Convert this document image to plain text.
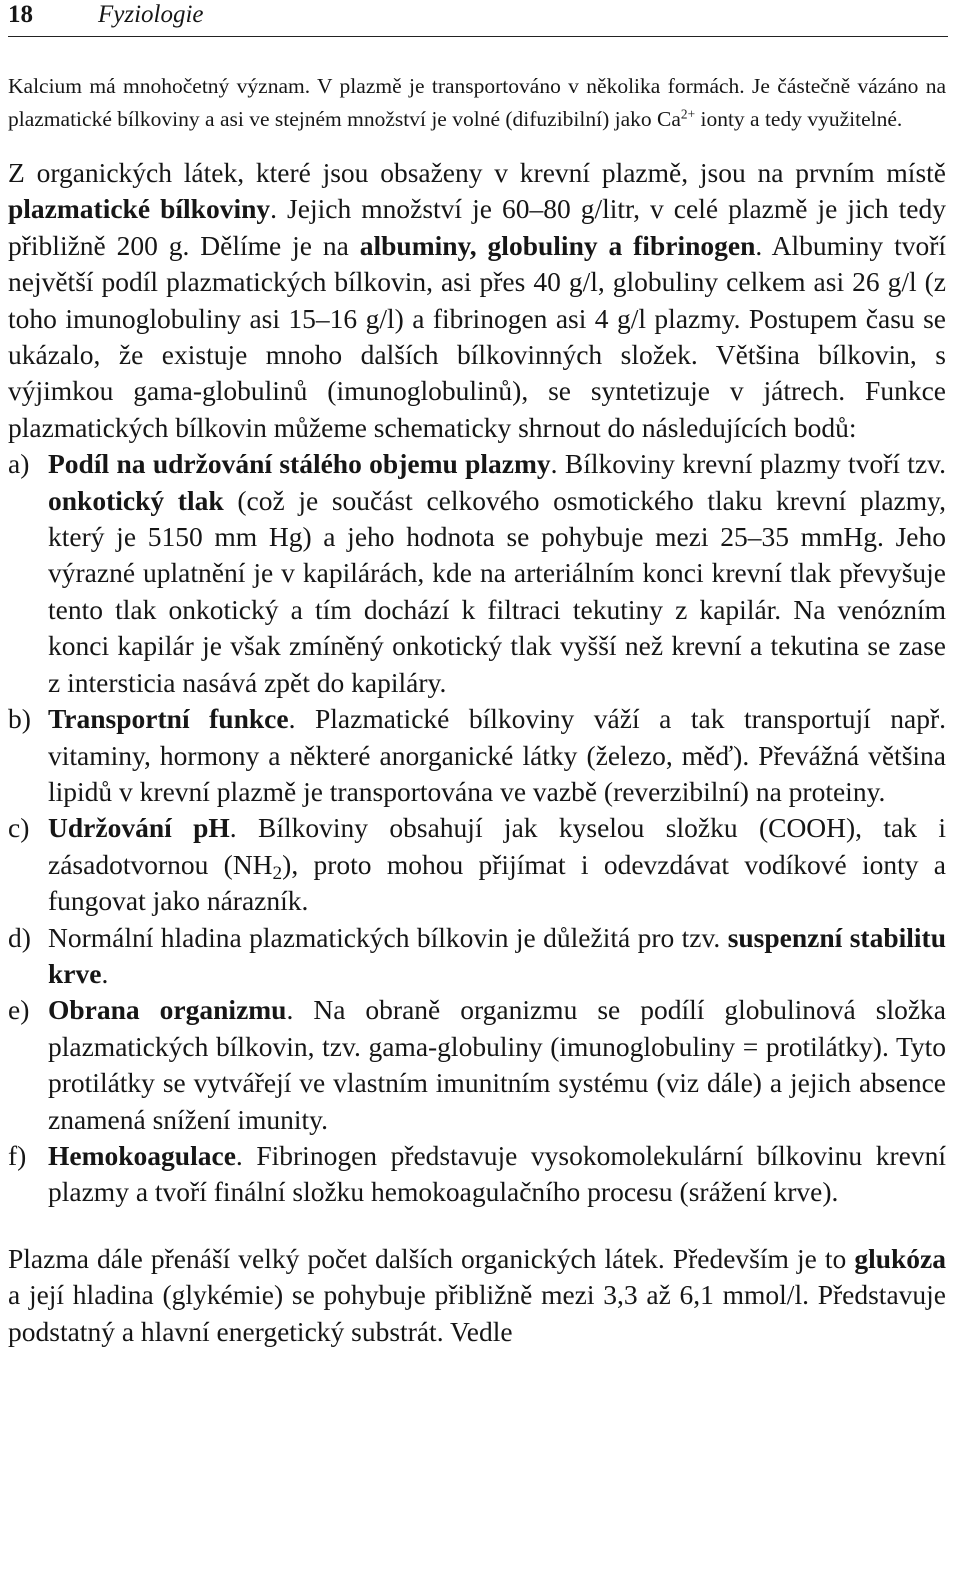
18	Fyziologie

Kalcium má mnohočetný význam. V plazmě je transportováno v několika formách. Je částečně vázáno na plazmatické bílkoviny a asi ve stejném množství je volné (difuzibilní) jako $Ca^{2+}$ ionty a tedy využitelné.

Z organických látek, které jsou obsaženy v krevní plazmě, jsou na prvním místě plazmatické bílkoviny. Jejich množství je 60–80 g/litr, v celé plazmě je jich tedy přibližně 200 g. Dělíme je na albuminy, globuliny a fibrinogen. Albuminy tvoří největší podíl plazmatických bílkovin, asi přes 40 g/l, globuliny celkem asi 26 g/l (z toho imunoglobuliny asi 15–16 g/l) a fibrinogen asi 4 g/l plazmy. Postupem času se ukázalo, že existuje mnoho dalších bílkovinných složek. Většina bílkovin, s výjimkou gama-globulinů (imunoglobulinů), se syntetizuje v játrech. Funkce plazmatických bílkovin můžeme schematicky shrnout do následujících bodů:

a) Podíl na udržování stálého objemu plazmy. Bílkoviny krevní plazmy tvoří tzv. onkotický tlak (což je součást celkového osmotického tlaku krevní plazmy, který je 5150 mm Hg) a jeho hodnota se pohybuje mezi 25–35 mmHg. Jeho výrazné uplatnění je v kapilárách, kde na arteriálním konci krevní tlak převyšuje tento tlak onkotický a tím dochází k filtraci tekutiny z kapilár. Na venózním konci kapilár je však zmíněný onkotický tlak vyšší než krevní a tekutina se zase z intersticia nasává zpět do kapiláry.
b) Transportní funkce. Plazmatické bílkoviny váží a tak transportují např. vitaminy, hormony a některé anorganické látky (železo, měď). Převážná většina lipidů v krevní plazmě je transportována ve vazbě (reverzibilní) na proteiny.
c) Udržování pH. Bílkoviny obsahují jak kyselou složku (COOH), tak i zásadotvornou $(NH_2)$, proto mohou přijímat i odevzdávat vodíkové ionty a fungovat jako nárazník.
d) Normální hladina plazmatických bílkovin je důležitá pro tzv. suspenzní stabilitu krve.
e) Obrana organizmu. Na obraně organizmu se podílí globulinová složka plazmatických bílkovin, tzv. gama-globuliny (imunoglobuliny = protilátky). Tyto protilátky se vytvářejí ve vlastním imunitním systému (viz dále) a jejich absence znamená snížení imunity.
f) Hemokoagulace. Fibrinogen představuje vysokomolekulární bílkovinu krevní plazmy a tvoří finální složku hemokoagulačního procesu (srážení krve).

Plazma dále přenáší velký počet dalších organických látek. Především je to glukóza a její hladina (glykémie) se pohybuje přibližně mezi 3,3 až 6,1 mmol/l. Představuje podstatný a hlavní energetický substrát. Vedle
